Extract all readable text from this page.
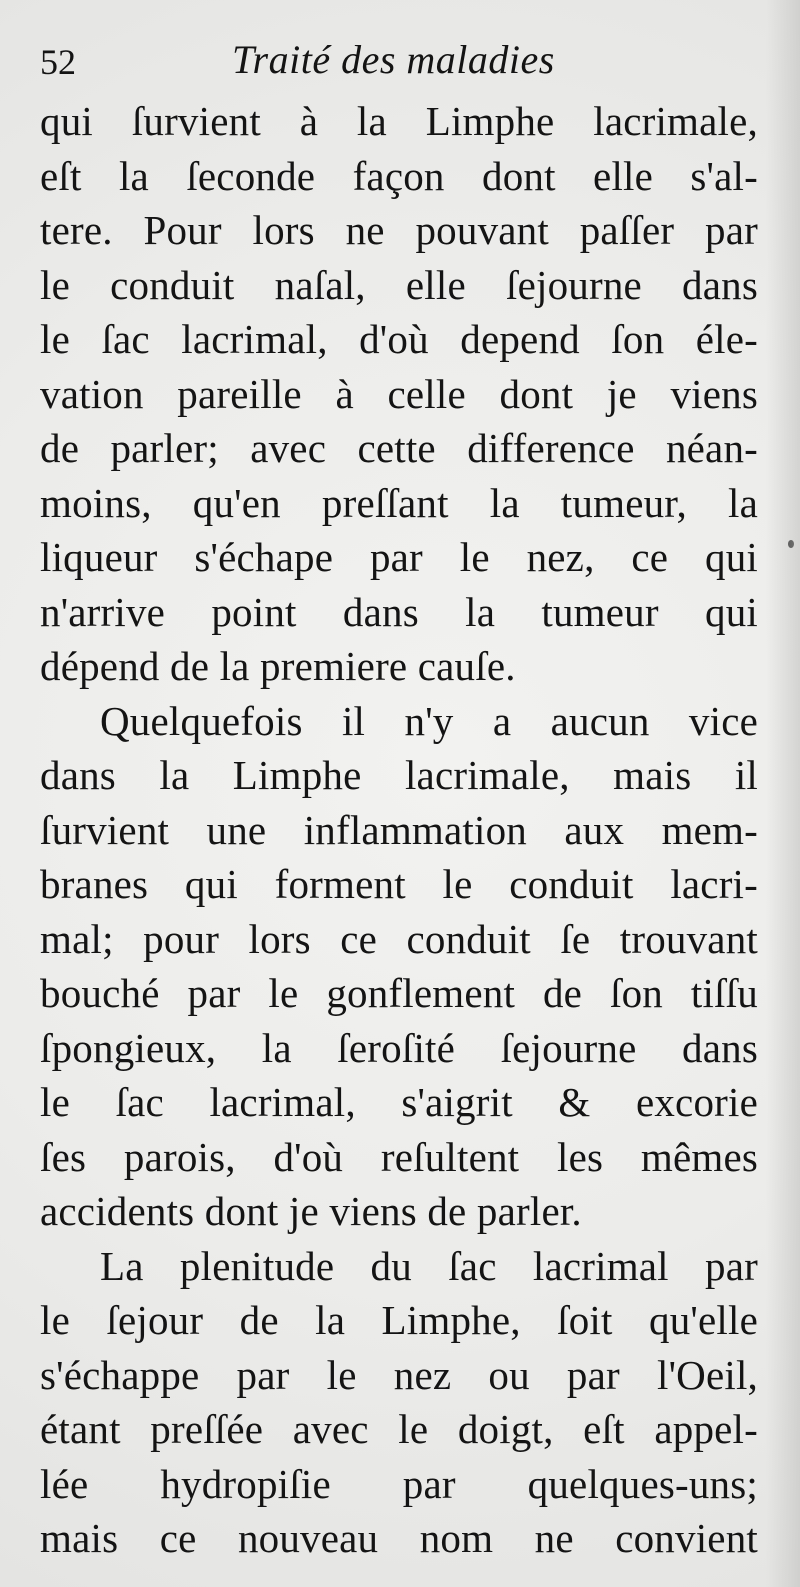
52	Traité des maladies
qui ſurvient à la Limphe lacrimale,
eſt la ſeconde façon dont elle s'al-
tere. Pour lors ne pouvant paſſer par
le conduit naſal, elle ſejourne dans
le ſac lacrimal, d'où depend ſon éle-
vation pareille à celle dont je viens
de parler; avec cette difference néan-
moins, qu'en preſſant la tumeur, la
liqueur s'échape par le nez, ce qui
n'arrive point dans la tumeur qui
dépend de la premiere cauſe.
Quelquefois il n'y a aucun vice
dans la Limphe lacrimale, mais il
ſurvient une inflammation aux mem-
branes qui forment le conduit lacri-
mal; pour lors ce conduit ſe trouvant
bouché par le gonflement de ſon tiſſu
ſpongieux, la ſeroſité ſejourne dans
le ſac lacrimal, s'aigrit & excorie
ſes parois, d'où reſultent les mêmes
accidents dont je viens de parler.
La plenitude du ſac lacrimal par
le ſejour de la Limphe, ſoit qu'elle
s'échappe par le nez ou par l'Oeil,
étant preſſée avec le doigt, eſt appel-
lée hydropiſie par quelques-uns;
mais ce nouveau nom ne convient
